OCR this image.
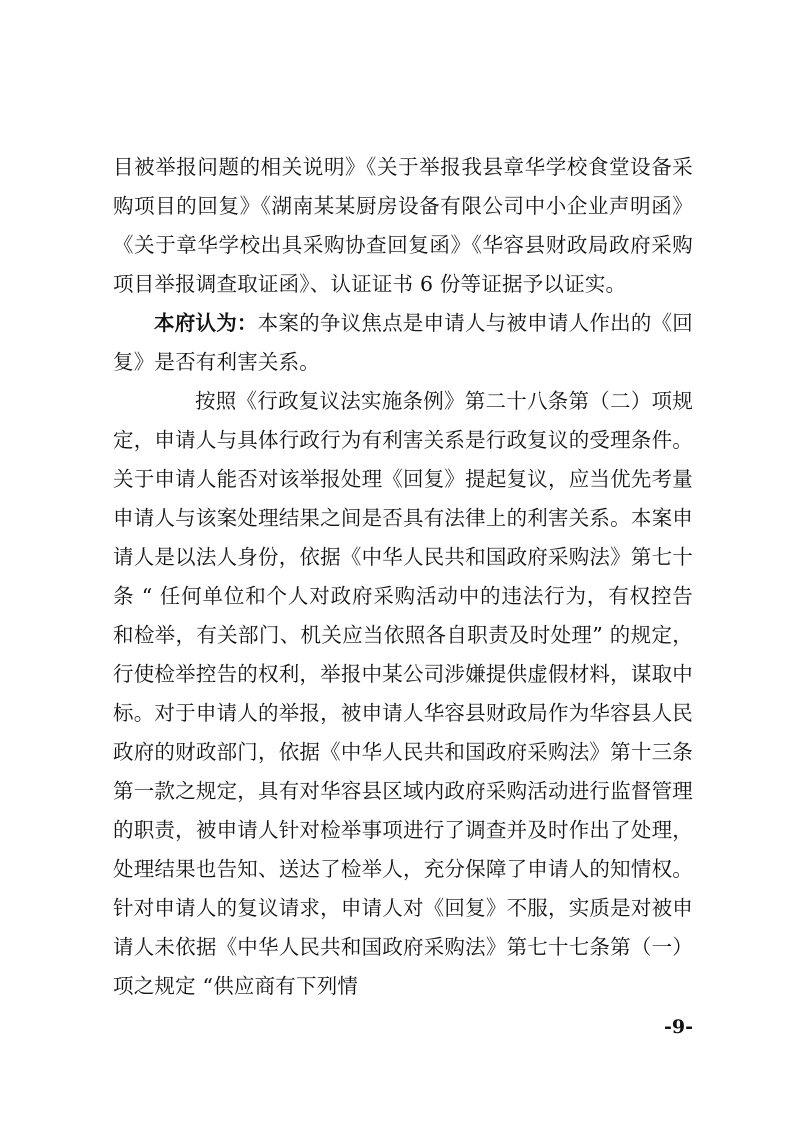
目被举报问题的相关说明》《关于举报我县章华学校食堂设备采购项目的回复》《湖南某某厨房设备有限公司中小企业声明函》《关于章华学校出具采购协查回复函》《华容县财政局政府采购项目举报调查取证函》、认证证书 6 份等证据予以证实。

本府认为：本案的争议焦点是申请人与被申请人作出的《回复》是否有利害关系。

按照《行政复议法实施条例》第二十八条第（二）项规定，申请人与具体行政行为有利害关系是行政复议的受理条件。关于申请人能否对该举报处理《回复》提起复议，应当优先考量申请人与该案处理结果之间是否具有法律上的利害关系。本案申请人是以法人身份，依据《中华人民共和国政府采购法》第七十条 “ 任何单位和个人对政府采购活动中的违法行为，有权控告和检举，有关部门、机关应当依照各自职责及时处理” 的规定，行使检举控告的权利，举报中某公司涉嫌提供虚假材料，谋取中标。对于申请人的举报，被申请人华容县财政局作为华容县人民政府的财政部门，依据《中华人民共和国政府采购法》第十三条第一款之规定，具有对华容县区域内政府采购活动进行监督管理的职责，被申请人针对检举事项进行了调查并及时作出了处理，处理结果也告知、送达了检举人，充分保障了申请人的知情权。针对申请人的复议请求，申请人对《回复》不服，实质是对被申请人未依据《中华人民共和国政府采购法》第七十七条第（一）项之规定 “供应商有下列情

-9-
